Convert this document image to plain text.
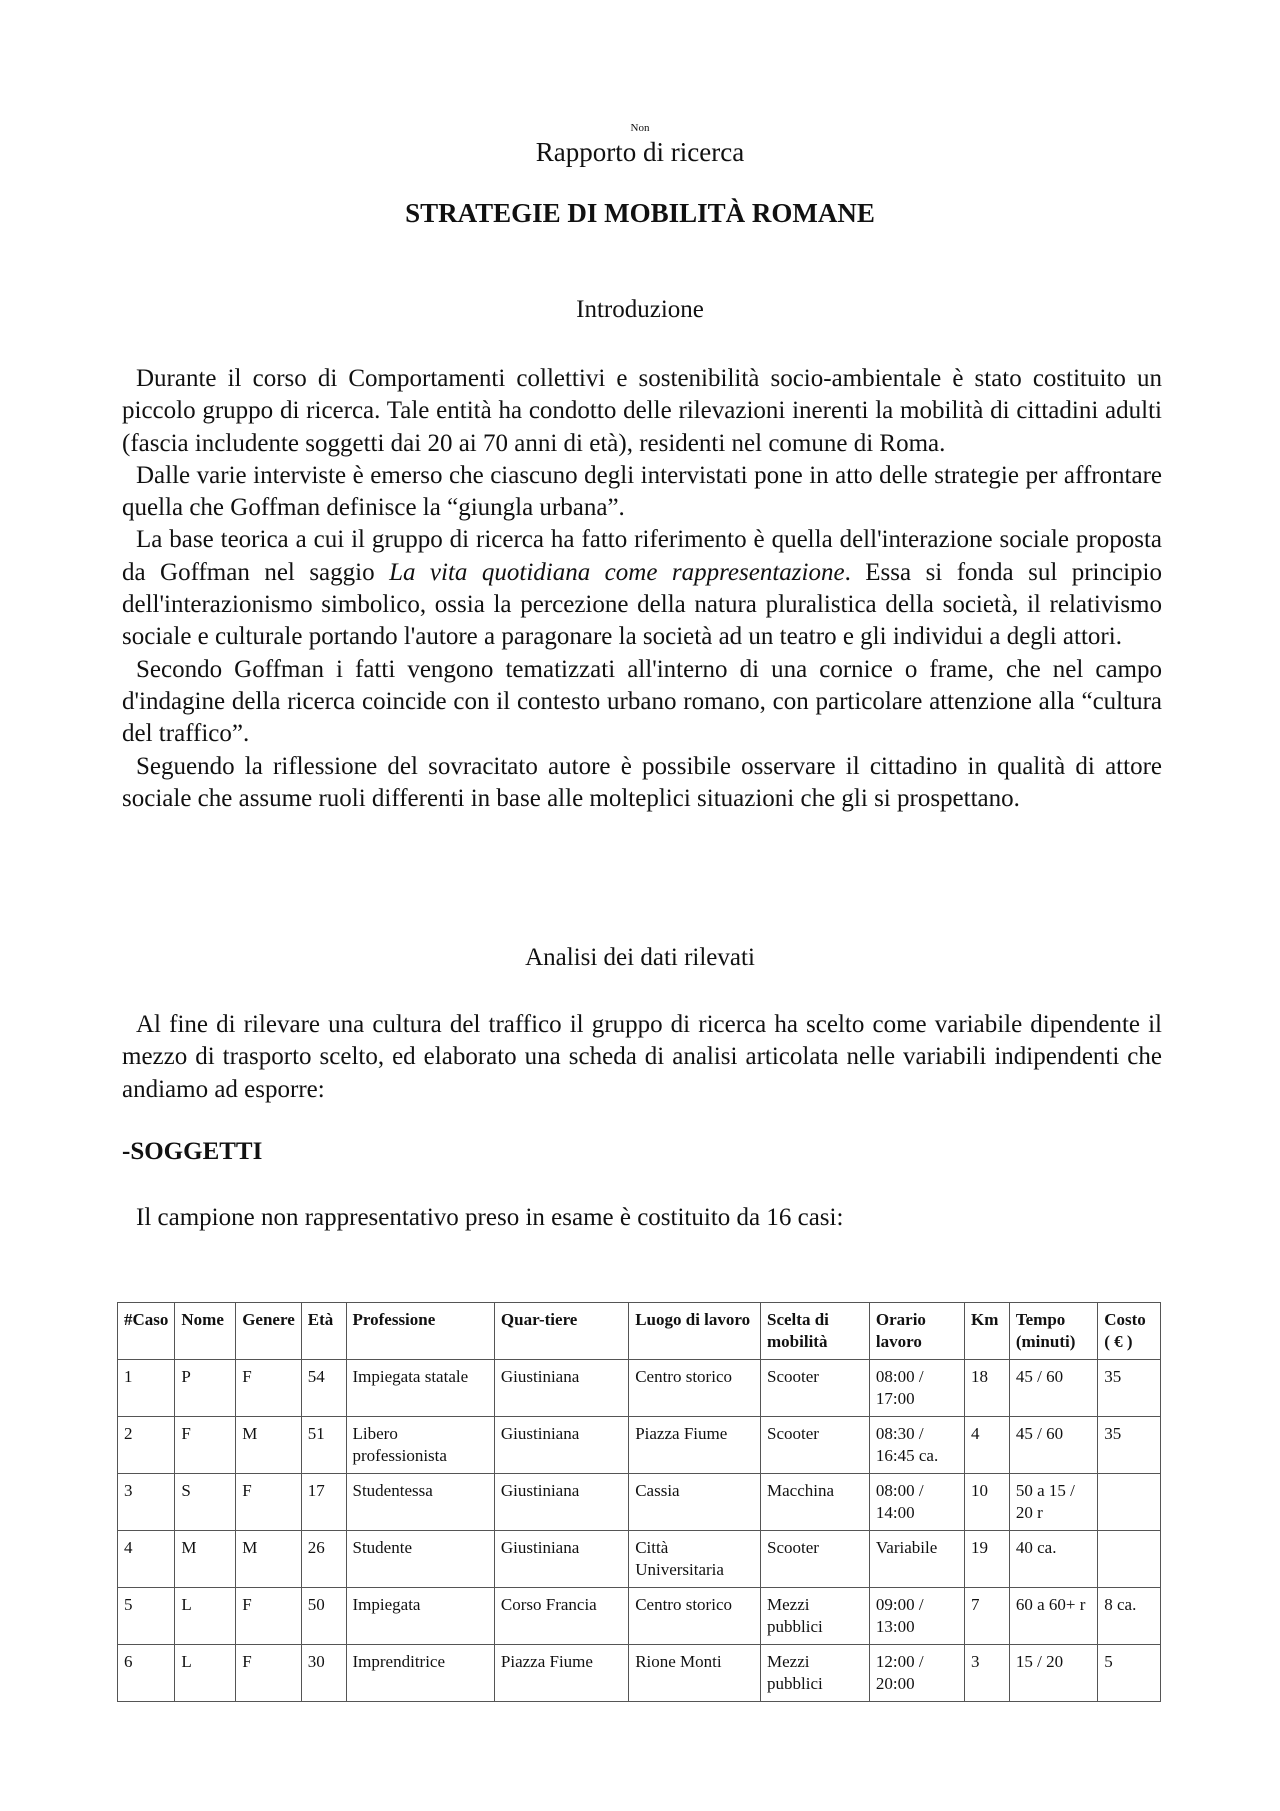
Non
Rapporto di ricerca
STRATEGIE DI MOBILITÀ ROMANE
Introduzione

Durante il corso di Comportamenti collettivi e sostenibilità socio-ambientale è stato costituito un piccolo gruppo di ricerca. Tale entità ha condotto delle rilevazioni inerenti la mobilità di cittadini adulti (fascia includente soggetti dai 20 ai 70 anni di età), residenti nel comune di Roma.

Dalle varie interviste è emerso che ciascuno degli intervistati pone in atto delle strategie per affrontare quella che Goffman definisce la “giungla urbana”.

La base teorica a cui il gruppo di ricerca ha fatto riferimento è quella dell'interazione sociale proposta da Goffman nel saggio La vita quotidiana come rappresentazione. Essa si fonda sul principio dell'interazionismo simbolico, ossia la percezione della natura pluralistica della società, il relativismo sociale e culturale portando l'autore a paragonare la società ad un teatro e gli individui a degli attori.

Secondo Goffman i fatti vengono tematizzati all'interno di una cornice o frame, che nel campo d'indagine della ricerca coincide con il contesto urbano romano, con particolare attenzione alla “cultura del traffico”.

Seguendo la riflessione del sovracitato autore è possibile osservare il cittadino in qualità di attore sociale che assume ruoli differenti in base alle molteplici situazioni che gli si prospettano.

Analisi dei dati rilevati

Al fine di rilevare una cultura del traffico il gruppo di ricerca ha scelto come variabile dipendente il mezzo di trasporto scelto, ed elaborato una scheda di analisi articolata nelle variabili indipendenti che andiamo ad esporre:

-SOGGETTI
Il campione non rappresentativo preso in esame è costituito da 16 casi:
#Caso	Nome	Genere	Età	Professione	Quar-tiere	Luogo di lavoro	Scelta di mobilità	Orario lavoro	Km	Tempo (minuti)	Costo ( € )
1	P	F	54	Impiegata statale	Giustiniana	Centro storico	Scooter	08:00 / 17:00	18	45 / 60	35
2	F	M	51	Libero professionista	Giustiniana	Piazza Fiume	Scooter	08:30 / 16:45 ca.	4	45 / 60	35
3	S	F	17	Studentessa	Giustiniana	Cassia	Macchina	08:00 / 14:00	10	50 a 15 / 20 r	
4	M	M	26	Studente	Giustiniana	Città Universitaria	Scooter	Variabile	19	40 ca.	
5	L	F	50	Impiegata	Corso Francia	Centro storico	Mezzi pubblici	09:00 / 13:00	7	60 a 60+ r	8 ca.
6	L	F	30	Imprenditrice	Piazza Fiume	Rione Monti	Mezzi pubblici	12:00 / 20:00	3	15 / 20	5
